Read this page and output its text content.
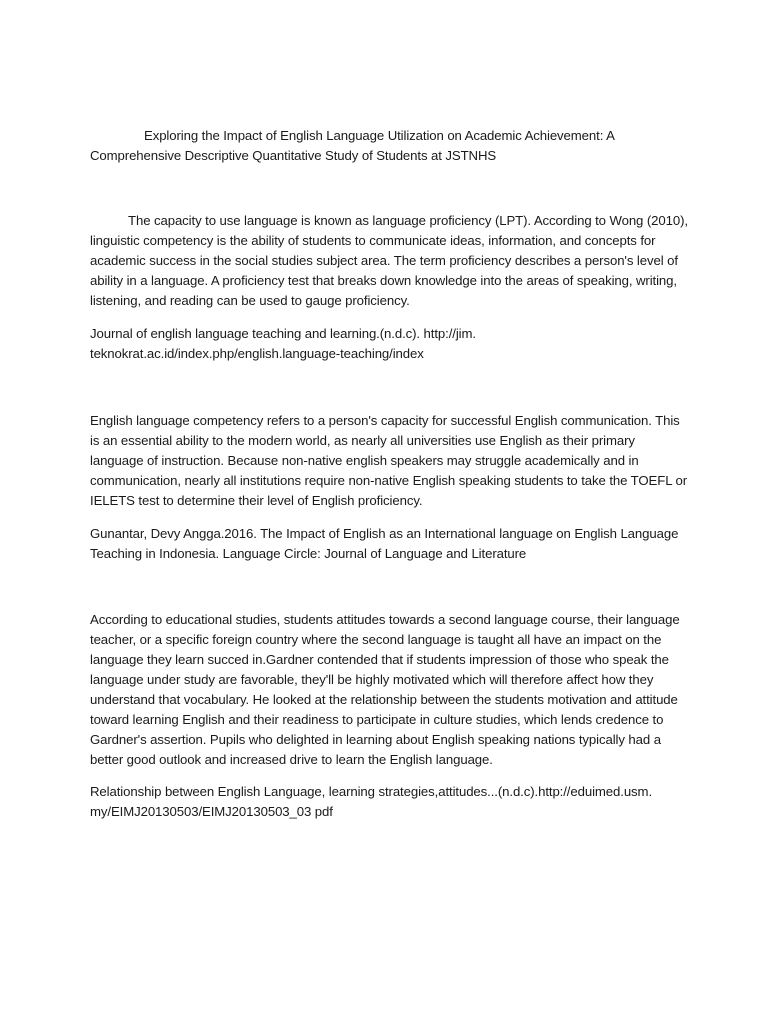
Exploring the Impact of English Language Utilization on Academic Achievement: A Comprehensive Descriptive Quantitative Study of Students at JSTNHS

The capacity to use language is known as language proficiency (LPT). According to Wong (2010), linguistic competency is the ability of students to communicate ideas, information, and concepts for academic success in the social studies subject area. The term proficiency describes a person's level of ability in a language. A proficiency test that breaks down knowledge into the areas of speaking, writing, listening, and reading can be used to gauge proficiency.

Journal of english language teaching and learning.(n.d.c). http://jim. teknokrat.ac.id/index.php/english.language-teaching/index

English language competency refers to a person's capacity for successful English communication. This is an essential ability to the modern world, as nearly all universities use English as their primary language of instruction. Because non-native english speakers may struggle academically and in communication, nearly all institutions require non-native English speaking students to take the TOEFL or IELETS test to determine their level of English proficiency.

Gunantar, Devy Angga.2016. The Impact of English as an International language on English Language Teaching in Indonesia. Language Circle: Journal of Language and Literature

According to educational studies, students attitudes towards a second language course, their language teacher, or a specific foreign country where the second language is taught all have an impact on the language they learn succed in.Gardner contended that if students impression of those who speak the language under study are favorable, they'll be highly motivated which will therefore affect how they understand that vocabulary. He looked at the relationship between the students motivation and attitude toward learning English and their readiness to participate in culture studies, which lends credence to Gardner's assertion. Pupils who delighted in learning about English speaking nations typically had a better good outlook and increased drive to learn the English language.

Relationship between English Language, learning strategies,attitudes...(n.d.c).http://eduimed.usm. my/EIMJ20130503/EIMJ20130503_03 pdf
